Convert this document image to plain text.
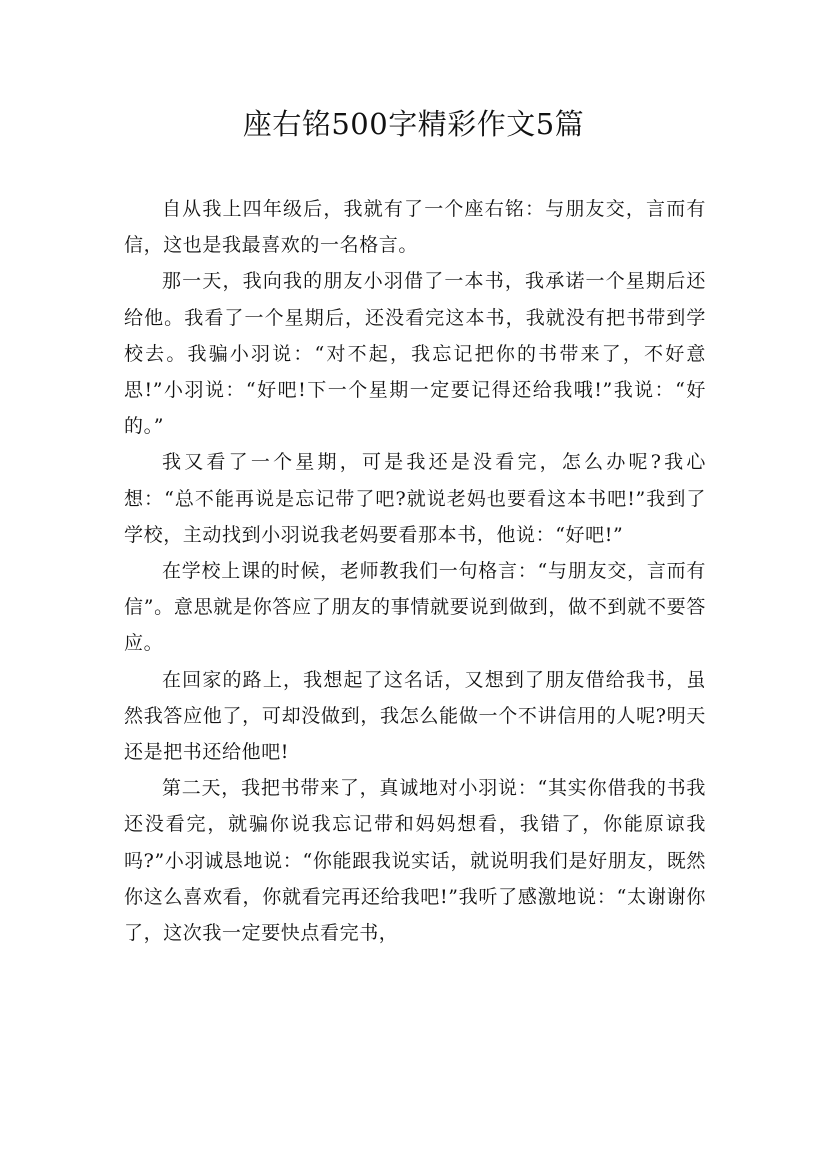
座右铭500字精彩作文5篇

自从我上四年级后，我就有了一个座右铭：与朋友交，言而有信，这也是我最喜欢的一名格言。

那一天，我向我的朋友小羽借了一本书，我承诺一个星期后还给他。我看了一个星期后，还没看完这本书，我就没有把书带到学校去。我骗小羽说：“对不起，我忘记把你的书带来了，不好意思!”小羽说：“好吧!下一个星期一定要记得还给我哦!”我说：“好的。”

我又看了一个星期，可是我还是没看完，怎么办呢?我心想：“总不能再说是忘记带了吧?就说老妈也要看这本书吧!”我到了学校，主动找到小羽说我老妈要看那本书，他说：“好吧!”

在学校上课的时候，老师教我们一句格言：“与朋友交，言而有信”。意思就是你答应了朋友的事情就要说到做到，做不到就不要答应。

在回家的路上，我想起了这名话，又想到了朋友借给我书，虽然我答应他了，可却没做到，我怎么能做一个不讲信用的人呢?明天还是把书还给他吧!

第二天，我把书带来了，真诚地对小羽说：“其实你借我的书我还没看完，就骗你说我忘记带和妈妈想看，我错了，你能原谅我吗?”小羽诚恳地说：“你能跟我说实话，就说明我们是好朋友，既然你这么喜欢看，你就看完再还给我吧!”我听了感激地说：“太谢谢你了，这次我一定要快点看完书，
